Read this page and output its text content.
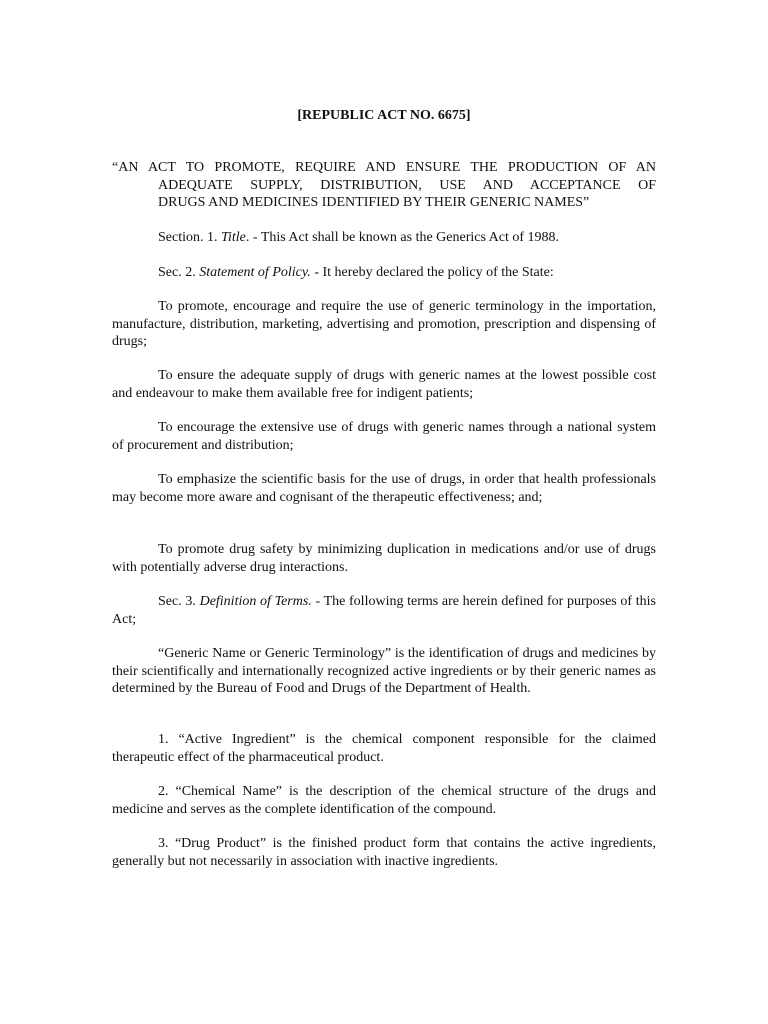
[REPUBLIC ACT NO. 6675]

“AN ACT TO PROMOTE, REQUIRE AND ENSURE THE PRODUCTION OF AN
ADEQUATE SUPPLY, DISTRIBUTION, USE AND ACCEPTANCE OF
DRUGS AND MEDICINES IDENTIFIED BY THEIR GENERIC NAMES”

Section. 1. Title. - This Act shall be known as the Generics Act of 1988.

Sec. 2. Statement of Policy. - It hereby declared the policy of the State:

To promote, encourage and require the use of generic terminology in the importation, manufacture, distribution, marketing, advertising and promotion, prescription and dispensing of drugs;

To ensure the adequate supply of drugs with generic names at the lowest possible cost and endeavour to make them available free for indigent patients;

To encourage the extensive use of drugs with generic names through a national system of procurement and distribution;

To emphasize the scientific basis for the use of drugs, in order that health professionals may become more aware and cognisant of the therapeutic effectiveness; and;

To promote drug safety by minimizing duplication in medications and/or use of drugs with potentially adverse drug interactions.

Sec. 3. Definition of Terms. - The following terms are herein defined for purposes of this Act;

“Generic Name or Generic Terminology” is the identification of drugs and medicines by their scientifically and internationally recognized active ingredients or by their generic names as determined by the Bureau of Food and Drugs of the Department of Health.

1. “Active Ingredient” is the chemical component responsible for the claimed therapeutic effect of the pharmaceutical product.

2. “Chemical Name” is the description of the chemical structure of the drugs and medicine and serves as the complete identification of the compound.

3. “Drug Product” is the finished product form that contains the active ingredients, generally but not necessarily in association with inactive ingredients.
